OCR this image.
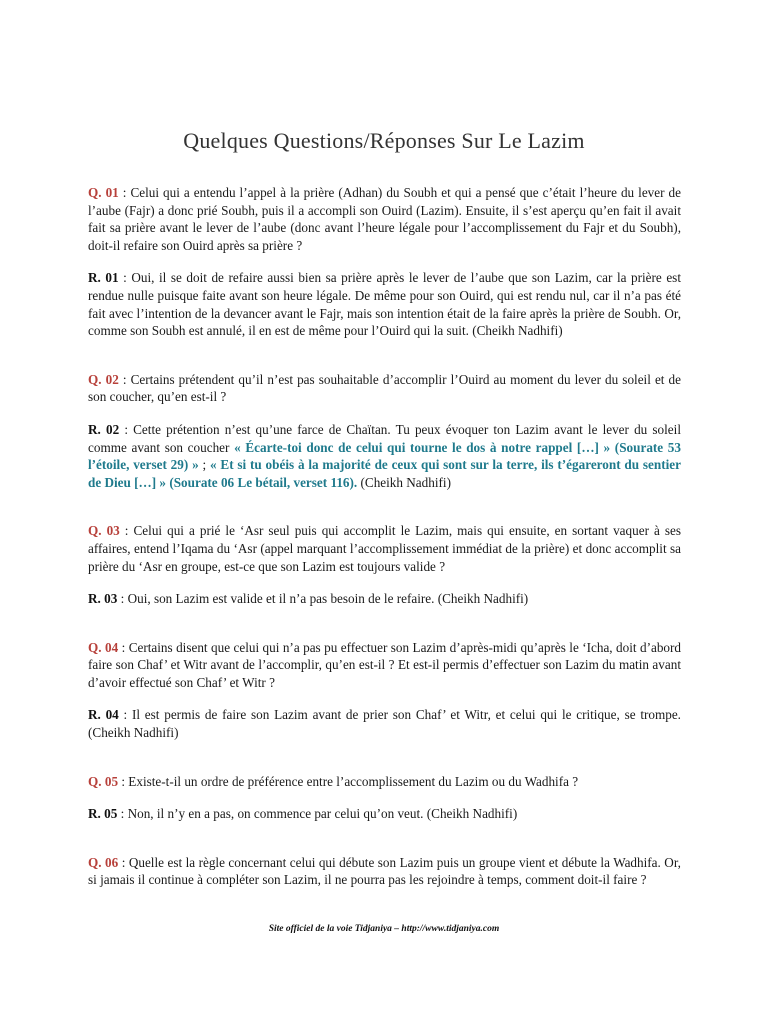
Quelques Questions/Réponses Sur Le Lazim

Q. 01 : Celui qui a entendu l’appel à la prière (Adhan) du Soubh et qui a pensé que c’était l’heure du lever de l’aube (Fajr) a donc prié Soubh, puis il a accompli son Ouird (Lazim). Ensuite, il s’est aperçu qu’en fait il avait fait sa prière avant le lever de l’aube (donc avant l’heure légale pour l’accomplissement du Fajr et du Soubh), doit-il refaire son Ouird après sa prière ?

R. 01 : Oui, il se doit de refaire aussi bien sa prière après le lever de l’aube que son Lazim, car la prière est rendue nulle puisque faite avant son heure légale. De même pour son Ouird, qui est rendu nul, car il n’a pas été fait avec l’intention de la devancer avant le Fajr, mais son intention était de la faire après la prière de Soubh. Or, comme son Soubh est annulé, il en est de même pour l’Ouird qui la suit. (Cheikh Nadhifi)

Q. 02 : Certains prétendent qu’il n’est pas souhaitable d’accomplir l’Ouird au moment du lever du soleil et de son coucher, qu’en est-il ?

R. 02 : Cette prétention n’est qu’une farce de Chaïtan. Tu peux évoquer ton Lazim avant le lever du soleil comme avant son coucher « Écarte-toi donc de celui qui tourne le dos à notre rappel […] » (Sourate 53 l’étoile, verset 29) » ; « Et si tu obéis à la majorité de ceux qui sont sur la terre, ils t’égareront du sentier de Dieu […] » (Sourate 06 Le bétail, verset 116). (Cheikh Nadhifi)

Q. 03 : Celui qui a prié le ‘Asr seul puis qui accomplit le Lazim, mais qui ensuite, en sortant vaquer à ses affaires, entend l’Iqama du ‘Asr (appel marquant l’accomplissement immédiat de la prière) et donc accomplit sa prière du ‘Asr en groupe, est-ce que son Lazim est toujours valide ?

R. 03 : Oui, son Lazim est valide et il n’a pas besoin de le refaire. (Cheikh Nadhifi)

Q. 04 : Certains disent que celui qui n’a pas pu effectuer son Lazim d’après-midi qu’après le ‘Icha, doit d’abord faire son Chaf’ et Witr avant de l’accomplir, qu’en est-il ? Et est-il permis d’effectuer son Lazim du matin avant d’avoir effectué son Chaf’ et Witr ?

R. 04 : Il est permis de faire son Lazim avant de prier son Chaf’ et Witr, et celui qui le critique, se trompe. (Cheikh Nadhifi)

Q. 05 : Existe-t-il un ordre de préférence entre l’accomplissement du Lazim ou du Wadhifa ?

R. 05 : Non, il n’y en a pas, on commence par celui qu’on veut. (Cheikh Nadhifi)

Q. 06 : Quelle est la règle concernant celui qui débute son Lazim puis un groupe vient et débute la Wadhifa. Or, si jamais il continue à compléter son Lazim, il ne pourra pas les rejoindre à temps, comment doit-il faire ?

Site officiel de la voie Tidjaniya – http://www.tidjaniya.com
